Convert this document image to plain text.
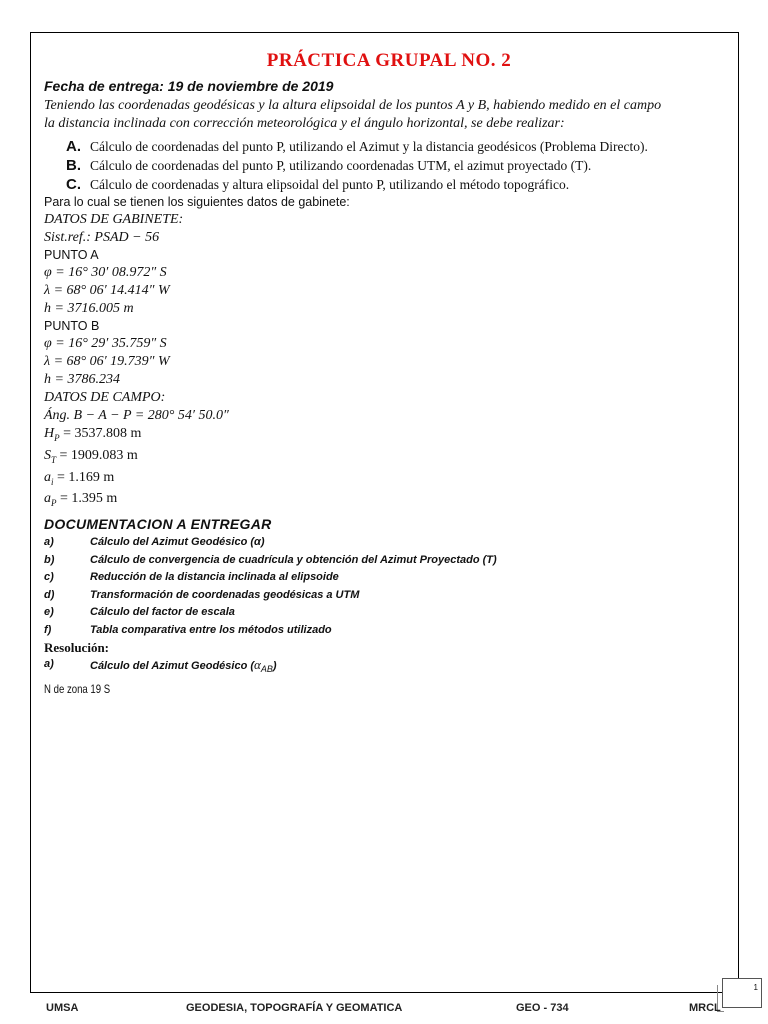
PRÁCTICA GRUPAL NO. 2
Fecha de entrega: 19 de noviembre de 2019
Teniendo las coordenadas geodésicas y la altura elipsoidal de los puntos A y B, habiendo medido en el campo
la distancia inclinada con corrección meteorológica y el ángulo horizontal, se debe realizar:
A. Cálculo de coordenadas del punto P, utilizando el Azimut y la distancia geodésicos (Problema Directo).
B. Cálculo de coordenadas del punto P, utilizando coordenadas UTM, el azimut proyectado (T).
C. Cálculo de coordenadas y altura elipsoidal del punto P, utilizando el método topográfico.
Para lo cual se tienen los siguientes datos de gabinete:
DATOS DE GABINETE:
Sist.ref.: PSAD − 56
PUNTO A
φ = 16° 30′ 08.972″ S
λ = 68° 06′ 14.414″ W
h = 3716.005 m
PUNTO B
φ = 16° 29′ 35.759″ S
λ = 68° 06′ 19.739″ W
h = 3786.234
DATOS DE CAMPO:
Áng. B − A − P = 280° 54′ 50.0″
$H_P = 3537.808$ m
$S_T = 1909.083$ m
$a_i = 1.169$ m
$a_P = 1.395$ m
DOCUMENTACION A ENTREGAR
a)	Cálculo del Azimut Geodésico (α)
b)	Cálculo de convergencia de cuadrícula y obtención del Azimut Proyectado (T)
c)	Reducción de la distancia inclinada al elipsoide
d)	Transformación de coordenadas geodésicas a UTM
e)	Cálculo del factor de escala
f)	Tabla comparativa entre los métodos utilizado
Resolución:
a)	Cálculo del Azimut Geodésico $(\alpha_{AB})$
N de zona 19 S
1
UMSA	GEODESIA, TOPOGRAFÍA Y GEOMATICA	GEO - 734	MRCL
